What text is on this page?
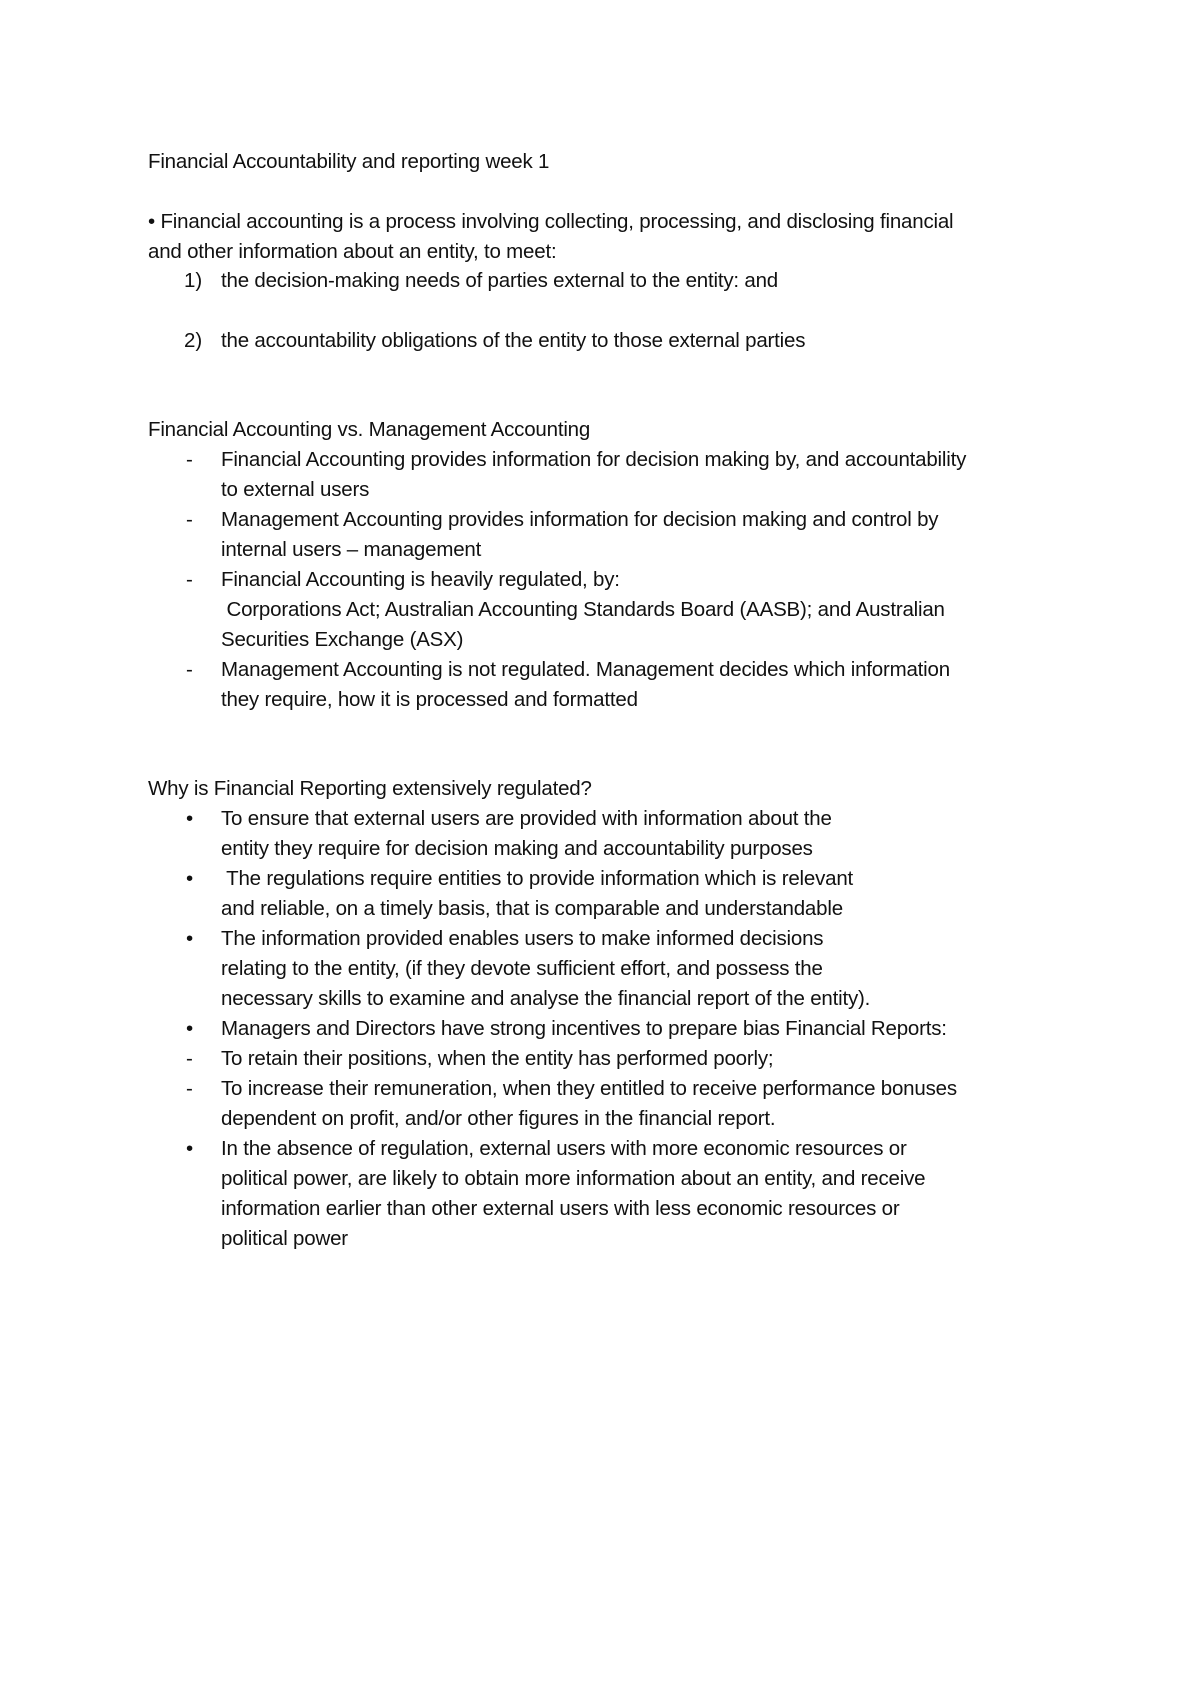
Financial Accountability and reporting week 1
• Financial accounting is a process involving collecting, processing, and disclosing financial
and other information about an entity, to meet:
1) the decision-making needs of parties external to the entity: and
2) the accountability obligations of the entity to those external parties
Financial Accounting vs. Management Accounting
- Financial Accounting provides information for decision making by, and accountability
to external users
- Management Accounting provides information for decision making and control by
internal users – management
- Financial Accounting is heavily regulated, by:
Corporations Act; Australian Accounting Standards Board (AASB); and Australian
Securities Exchange (ASX)
- Management Accounting is not regulated. Management decides which information
they require, how it is processed and formatted
Why is Financial Reporting extensively regulated?
• To ensure that external users are provided with information about the
entity they require for decision making and accountability purposes
• The regulations require entities to provide information which is relevant
and reliable, on a timely basis, that is comparable and understandable
• The information provided enables users to make informed decisions
relating to the entity, (if they devote sufficient effort, and possess the
necessary skills to examine and analyse the financial report of the entity).
• Managers and Directors have strong incentives to prepare bias Financial Reports:
- To retain their positions, when the entity has performed poorly;
- To increase their remuneration, when they entitled to receive performance bonuses
dependent on profit, and/or other figures in the financial report.
• In the absence of regulation, external users with more economic resources or
political power, are likely to obtain more information about an entity, and receive
information earlier than other external users with less economic resources or
political power
